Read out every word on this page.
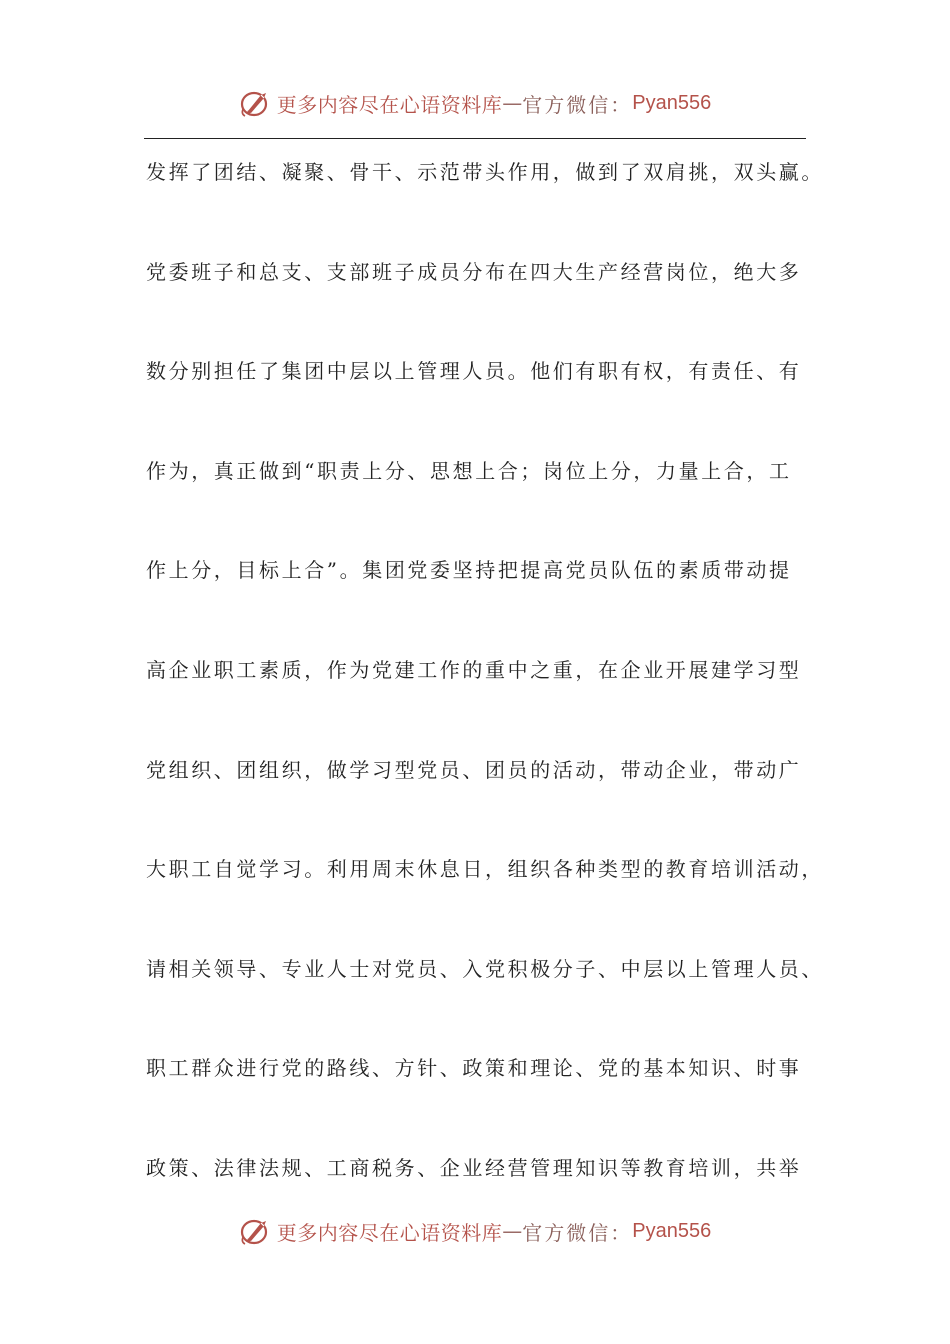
更多内容尽在心语资料库 — 官方微信： Pyan556
发挥了团结、凝聚、骨干、示范带头作用，做到了双肩挑，双头赢。
党委班子和总支、支部班子成员分布在四大生产经营岗位，绝大多
数分别担任了集团中层以上管理人员。他们有职有权，有责任、有
作为，真正做到“职责上分、思想上合；岗位上分，力量上合，工
作上分，目标上合”。集团党委坚持把提高党员队伍的素质带动提
高企业职工素质，作为党建工作的重中之重，在企业开展建学习型
党组织、团组织，做学习型党员、团员的活动，带动企业，带动广
大职工自觉学习。利用周末休息日，组织各种类型的教育培训活动，
请相关领导、专业人士对党员、入党积极分子、中层以上管理人员、
职工群众进行党的路线、方针、政策和理论、党的基本知识、时事
政策、法律法规、工商税务、企业经营管理知识等教育培训，共举
更多内容尽在心语资料库 — 官方微信： Pyan556
